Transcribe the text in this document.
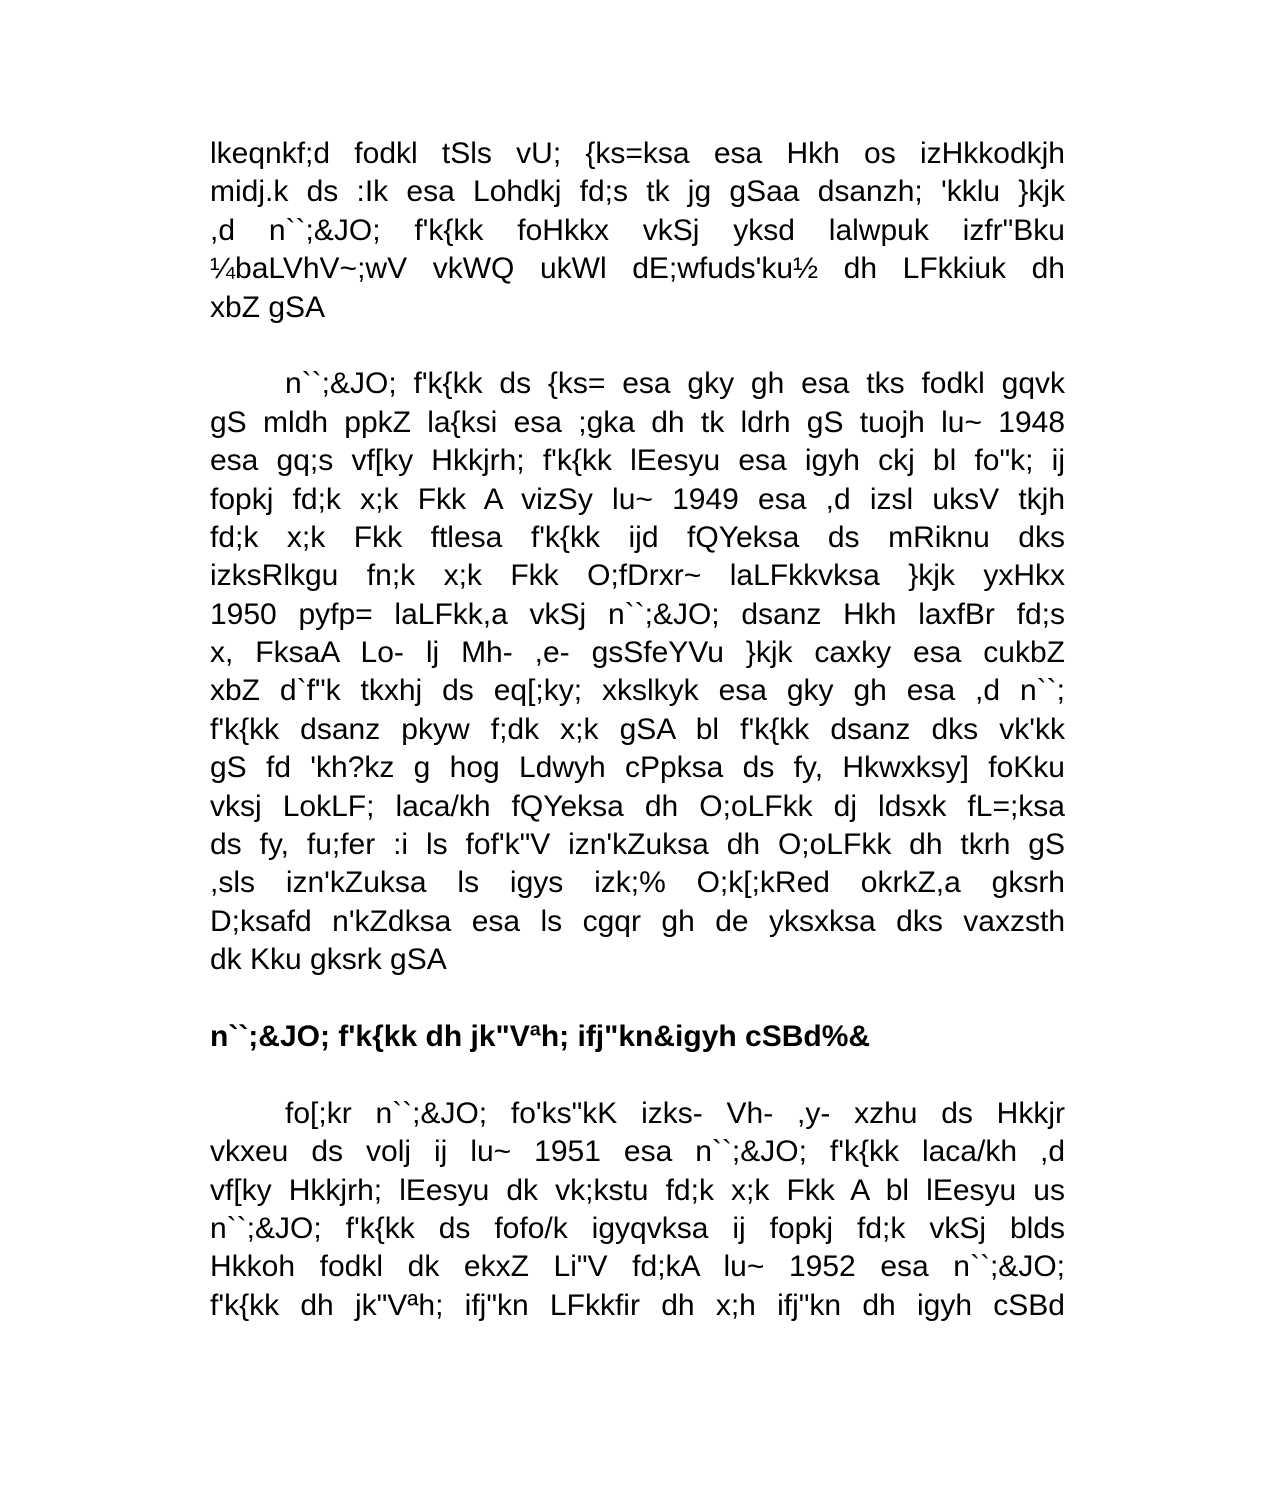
lkeqnkf;d fodkl tSls vU; {ks=ksa esa Hkh os izHkkodkjh
midj.k ds :Ik esa Lohdkj fd;s tk jg gSaa dsanzh; 'kklu }kjk
,d n``;&JO; f'k{kk foHkkx vkSj yksd lalwpuk izfr"Bku
¼baLVhV~;wV vkWQ ukWl dE;wfuds'ku½ dh LFkkiuk dh
xbZ gSA
n``;&JO; f'k{kk ds {ks= esa gky gh esa tks fodkl gqvk
gS mldh ppkZ la{ksi esa ;gka dh tk ldrh gS tuojh lu~ 1948
esa gq;s vf[ky Hkkjrh; f'k{kk lEesyu esa igyh ckj bl fo"k; ij
fopkj fd;k x;k Fkk A vizSy lu~ 1949 esa ,d izsl uksV tkjh
fd;k x;k Fkk ftlesa f'k{kk ijd fQYeksa ds mRiknu dks
izksRlkgu fn;k x;k Fkk O;fDrxr~ laLFkkvksa }kjk yxHkx
1950 pyfp= laLFkk,a vkSj n``;&JO; dsanz Hkh laxfBr fd;s
x, FksaA Lo- lj Mh- ,e- gsSfeYVu }kjk caxky esa cukbZ
xbZ d`f"k tkxhj ds eq[;ky; xkslkyk esa gky gh esa ,d n``;
f'k{kk dsanz pkyw f;dk x;k gSA bl f'k{kk dsanz dks vk'kk
gS fd 'kh?kz g hog Ldwyh cPpksa ds fy, Hkwxksy] foKku
vksj LokLF; laca/kh fQYeksa dh O;oLFkk dj ldsxk fL=;ksa
ds fy, fu;fer :i ls fof'k"V izn'kZuksa dh O;oLFkk dh tkrh gS
,sls izn'kZuksa ls igys izk;% O;k[;kRed okrkZ,a gksrh
D;ksafd n'kZdksa esa ls cgqr gh de yksxksa dks vaxzsth
dk Kku gksrk gSA
n``;&JO; f'k{kk dh jk"Vªh; ifj"kn&igyh cSBd%&
fo[;kr n``;&JO; fo'ks"kK izks- Vh- ,y- xzhu ds Hkkjr
vkxeu ds volj ij lu~ 1951 esa n``;&JO; f'k{kk laca/kh ,d
vf[ky Hkkjrh; lEesyu dk vk;kstu fd;k x;k Fkk A bl lEesyu us
n``;&JO; f'k{kk ds fofo/k igyqvksa ij fopkj fd;k vkSj blds
Hkkoh fodkl dk ekxZ Li"V fd;kA lu~ 1952 esa n``;&JO;
f'k{kk dh jk"Vªh; ifj"kn LFkkfir dh x;h ifj"kn dh igyh cSBd
